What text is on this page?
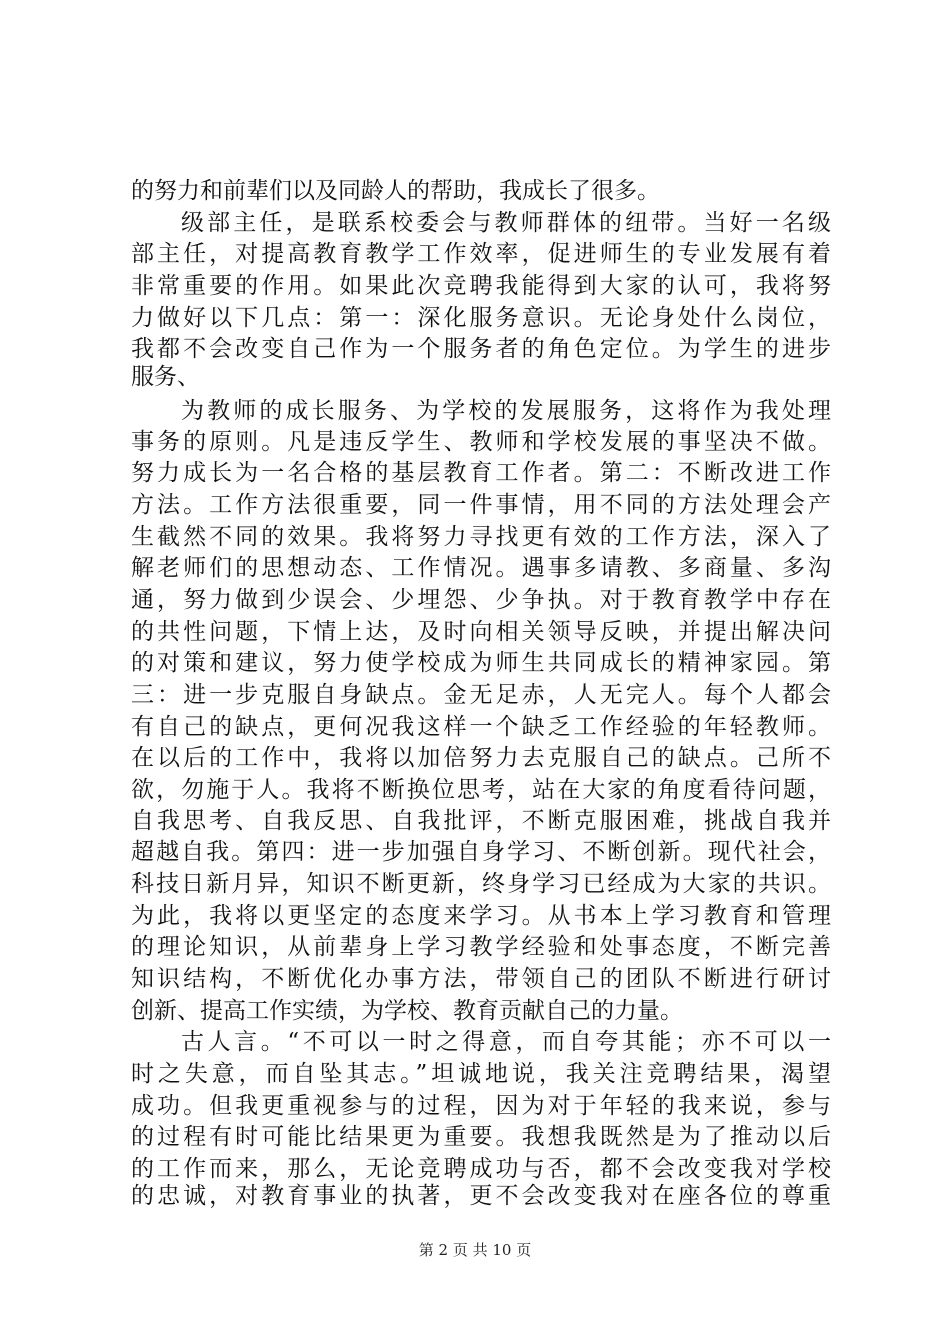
的努力和前辈们以及同龄人的帮助，我成长了很多。
级部主任，是联系校委会与教师群体的纽带。当好一名级
部主任，对提高教育教学工作效率，促进师生的专业发展有着
非常重要的作用。如果此次竞聘我能得到大家的认可，我将努
力做好以下几点：第一：深化服务意识。无论身处什么岗位，
我都不会改变自己作为一个服务者的角色定位。为学生的进步
服务、
为教师的成长服务、为学校的发展服务，这将作为我处理
事务的原则。凡是违反学生、教师和学校发展的事坚决不做。
努力成长为一名合格的基层教育工作者。第二：不断改进工作
方法。工作方法很重要，同一件事情，用不同的方法处理会产
生截然不同的效果。我将努力寻找更有效的工作方法，深入了
解老师们的思想动态、工作情况。遇事多请教、多商量、多沟
通，努力做到少误会、少埋怨、少争执。对于教育教学中存在
的共性问题，下情上达，及时向相关领导反映，并提出解决问
的对策和建议，努力使学校成为师生共同成长的精神家园。第
三：进一步克服自身缺点。金无足赤，人无完人。每个人都会
有自己的缺点，更何况我这样一个缺乏工作经验的年轻教师。
在以后的工作中，我将以加倍努力去克服自己的缺点。己所不
欲，勿施于人。我将不断换位思考，站在大家的角度看待问题，
自我思考、自我反思、自我批评，不断克服困难，挑战自我并
超越自我。第四：进一步加强自身学习、不断创新。现代社会，
科技日新月异，知识不断更新，终身学习已经成为大家的共识。
为此，我将以更坚定的态度来学习。从书本上学习教育和管理
的理论知识，从前辈身上学习教学经验和处事态度，不断完善
知识结构，不断优化办事方法，带领自己的团队不断进行研讨
创新、提高工作实绩，为学校、教育贡献自己的力量。
古人言。“不可以一时之得意，而自夸其能；亦不可以一
时之失意，而自坠其志。”坦诚地说，我关注竞聘结果，渴望
成功。但我更重视参与的过程，因为对于年轻的我来说，参与
的过程有时可能比结果更为重要。我想我既然是为了推动以后
的工作而来，那么，无论竞聘成功与否，都不会改变我对学校
的忠诚，对教育事业的执著，更不会改变我对在座各位的尊重
第 2 页 共 10 页
